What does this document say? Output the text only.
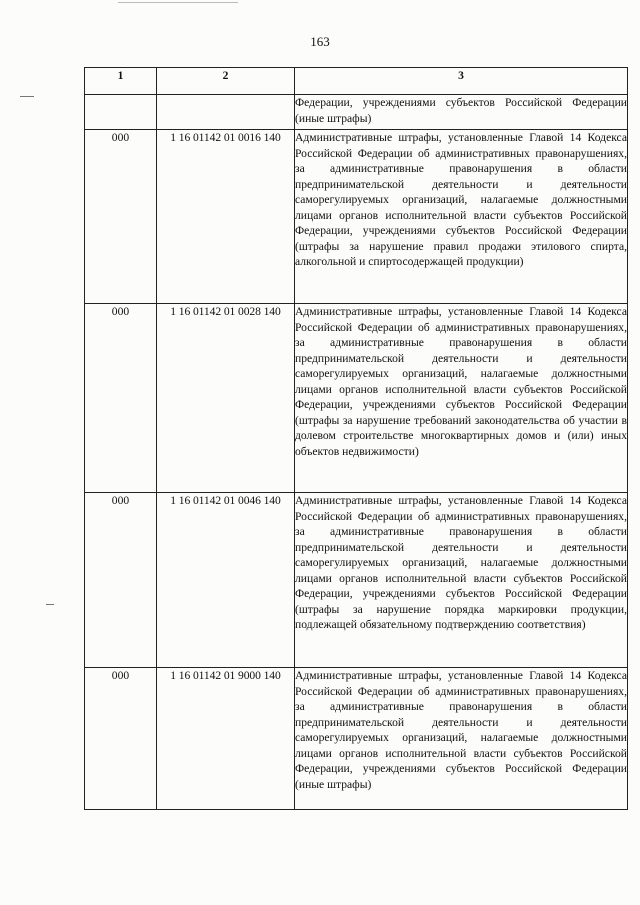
163
1	2	3
		Федерации, учреждениями субъектов Российской Федерации (иные штрафы)
000	1 16 01142 01 0016 140	Административные штрафы, установленные Главой 14 Кодекса Российской Федерации об административных правонарушениях, за административные правонарушения в области предпринимательской деятельности и деятельности саморегулируемых организаций, налагаемые должностными лицами органов исполнительной власти субъектов Российской Федерации, учреждениями субъектов Российской Федерации (штрафы за нарушение правил продажи этилового спирта, алкогольной и спиртосодержащей продукции)
000	1 16 01142 01 0028 140	Административные штрафы, установленные Главой 14 Кодекса Российской Федерации об административных правонарушениях, за административные правонарушения в области предпринимательской деятельности и деятельности саморегулируемых организаций, налагаемые должностными лицами органов исполнительной власти субъектов Российской Федерации, учреждениями субъектов Российской Федерации (штрафы за нарушение требований законодательства об участии в долевом строительстве многоквартирных домов и (или) иных объектов недвижимости)
000	1 16 01142 01 0046 140	Административные штрафы, установленные Главой 14 Кодекса Российской Федерации об административных правонарушениях, за административные правонарушения в области предпринимательской деятельности и деятельности саморегулируемых организаций, налагаемые должностными лицами органов исполнительной власти субъектов Российской Федерации, учреждениями субъектов Российской Федерации (штрафы за нарушение порядка маркировки продукции, подлежащей обязательному подтверждению соответствия)
000	1 16 01142 01 9000 140	Административные штрафы, установленные Главой 14 Кодекса Российской Федерации об административных правонарушениях, за административные правонарушения в области предпринимательской деятельности и деятельности саморегулируемых организаций, налагаемые должностными лицами органов исполнительной власти субъектов Российской Федерации, учреждениями субъектов Российской Федерации (иные штрафы)
